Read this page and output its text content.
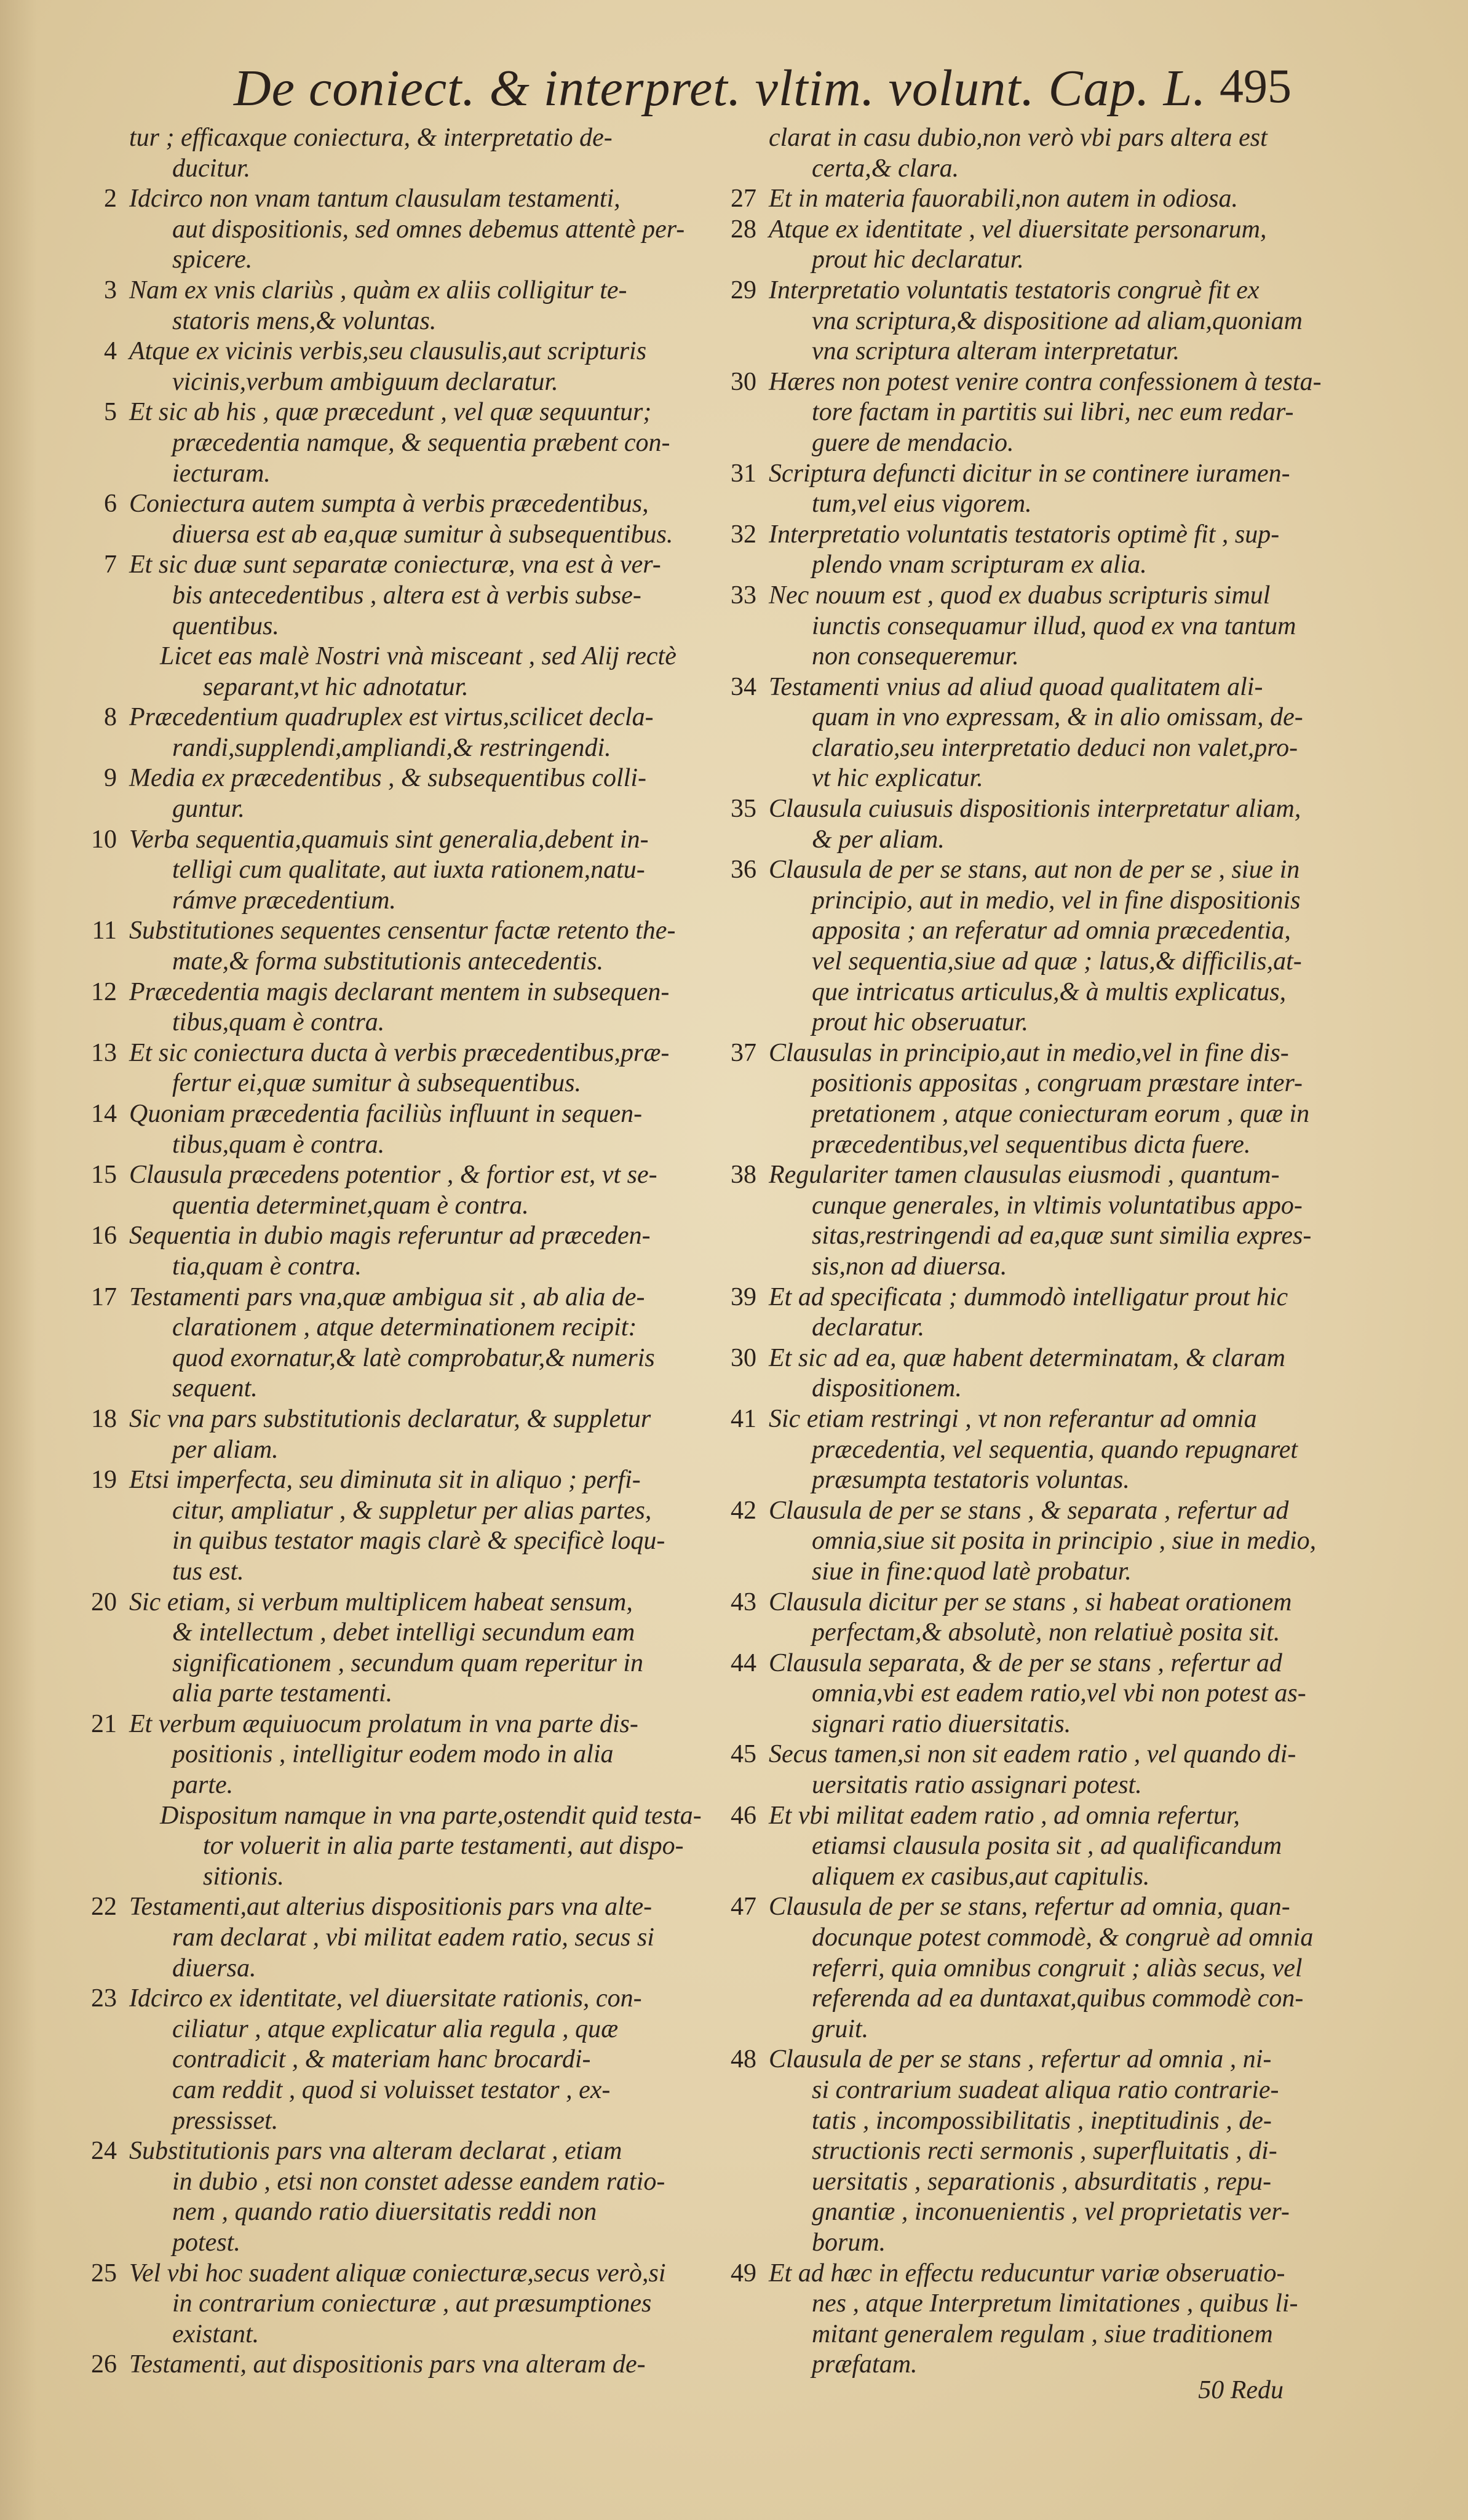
De coniect. & interpret. vltim. volunt. Cap. L. 495
tur ; efficaxque coniectura, & interpretatio de-
ducitur.
2 Idcirco non vnam tantum clausulam testamenti,
aut dispositionis, sed omnes debemus attentè per-
spicere.
3 Nam ex vnis clariùs , quàm ex aliis colligitur te-
statoris mens,& voluntas.
4 Atque ex vicinis verbis,seu clausulis,aut scripturis
vicinis,verbum ambiguum declaratur.
5 Et sic ab his , quæ præcedunt , vel quæ sequuntur;
præcedentia namque, & sequentia præbent con-
iecturam.
6 Coniectura autem sumpta à verbis præcedentibus,
diuersa est ab ea,quæ sumitur à subsequentibus.
7 Et sic duæ sunt separatæ coniecturæ, vna est à ver-
bis antecedentibus , altera est à verbis subse-
quentibus.
Licet eas malè Nostri vnà misceant , sed Alij rectè
separant,vt hic adnotatur.
8 Præcedentium quadruplex est virtus,scilicet decla-
randi,supplendi,ampliandi,& restringendi.
9 Media ex præcedentibus , & subsequentibus colli-
guntur.
10 Verba sequentia,quamuis sint generalia,debent in-
telligi cum qualitate, aut iuxta rationem,natu-
rámve præcedentium.
11 Substitutiones sequentes censentur factæ retento the-
mate,& forma substitutionis antecedentis.
12 Præcedentia magis declarant mentem in subsequen-
tibus,quam è contra.
13 Et sic coniectura ducta à verbis præcedentibus,præ-
fertur ei,quæ sumitur à subsequentibus.
14 Quoniam præcedentia faciliùs influunt in sequen-
tibus,quam è contra.
15 Clausula præcedens potentior , & fortior est, vt se-
quentia determinet,quam è contra.
16 Sequentia in dubio magis referuntur ad præceden-
tia,quam è contra.
17 Testamenti pars vna,quæ ambigua sit , ab alia de-
clarationem , atque determinationem recipit:
quod exornatur,& latè comprobatur,& numeris
sequent.
18 Sic vna pars substitutionis declaratur, & suppletur
per aliam.
19 Etsi imperfecta, seu diminuta sit in aliquo ; perfi-
citur, ampliatur , & suppletur per alias partes,
in quibus testator magis clarè & specificè loqu-
tus est.
20 Sic etiam, si verbum multiplicem habeat sensum,
& intellectum , debet intelligi secundum eam
significationem , secundum quam reperitur in
alia parte testamenti.
21 Et verbum æquiuocum prolatum in vna parte dis-
positionis , intelligitur eodem modo in alia
parte.
Dispositum namque in vna parte,ostendit quid testa-
tor voluerit in alia parte testamenti, aut dispo-
sitionis.
22 Testamenti,aut alterius dispositionis pars vna alte-
ram declarat , vbi militat eadem ratio, secus si
diuersa.
23 Idcirco ex identitate, vel diuersitate rationis, con-
ciliatur , atque explicatur alia regula , quæ
contradicit , & materiam hanc brocardi-
cam reddit , quod si voluisset testator , ex-
pressisset.
24 Substitutionis pars vna alteram declarat , etiam
in dubio , etsi non constet adesse eandem ratio-
nem , quando ratio diuersitatis reddi non
potest.
25 Vel vbi hoc suadent aliquæ coniecturæ,secus verò,si
in contrarium coniecturæ , aut præsumptiones
existant.
26 Testamenti, aut dispositionis pars vna alteram de-
clarat in casu dubio,non verò vbi pars altera est
certa,& clara.
27 Et in materia fauorabili,non autem in odiosa.
28 Atque ex identitate , vel diuersitate personarum,
prout hic declaratur.
29 Interpretatio voluntatis testatoris congruè fit ex
vna scriptura,& dispositione ad aliam,quoniam
vna scriptura alteram interpretatur.
30 Hæres non potest venire contra confessionem à testa-
tore factam in partitis sui libri, nec eum redar-
guere de mendacio.
31 Scriptura defuncti dicitur in se continere iuramen-
tum,vel eius vigorem.
32 Interpretatio voluntatis testatoris optimè fit , sup-
plendo vnam scripturam ex alia.
33 Nec nouum est , quod ex duabus scripturis simul
iunctis consequamur illud, quod ex vna tantum
non consequeremur.
34 Testamenti vnius ad aliud quoad qualitatem ali-
quam in vno expressam, & in alio omissam, de-
claratio,seu interpretatio deduci non valet,pro-
vt hic explicatur.
35 Clausula cuiusuis dispositionis interpretatur aliam,
& per aliam.
36 Clausula de per se stans, aut non de per se , siue in
principio, aut in medio, vel in fine dispositionis
apposita ; an referatur ad omnia præcedentia,
vel sequentia,siue ad quæ ; latus,& difficilis,at-
que intricatus articulus,& à multis explicatus,
prout hic obseruatur.
37 Clausulas in principio,aut in medio,vel in fine dis-
positionis appositas , congruam præstare inter-
pretationem , atque coniecturam eorum , quæ in
præcedentibus,vel sequentibus dicta fuere.
38 Regulariter tamen clausulas eiusmodi , quantum-
cunque generales, in vltimis voluntatibus appo-
sitas,restringendi ad ea,quæ sunt similia expres-
sis,non ad diuersa.
39 Et ad specificata ; dummodò intelligatur prout hic
declaratur.
30 Et sic ad ea, quæ habent determinatam, & claram
dispositionem.
41 Sic etiam restringi , vt non referantur ad omnia
præcedentia, vel sequentia, quando repugnaret
præsumpta testatoris voluntas.
42 Clausula de per se stans , & separata , refertur ad
omnia,siue sit posita in principio , siue in medio,
siue in fine:quod latè probatur.
43 Clausula dicitur per se stans , si habeat orationem
perfectam,& absolutè, non relatiuè posita sit.
44 Clausula separata, & de per se stans , refertur ad
omnia,vbi est eadem ratio,vel vbi non potest as-
signari ratio diuersitatis.
45 Secus tamen,si non sit eadem ratio , vel quando di-
uersitatis ratio assignari potest.
46 Et vbi militat eadem ratio , ad omnia refertur,
etiamsi clausula posita sit , ad qualificandum
aliquem ex casibus,aut capitulis.
47 Clausula de per se stans, refertur ad omnia, quan-
docunque potest commodè, & congruè ad omnia
referri, quia omnibus congruit ; aliàs secus, vel
referenda ad ea duntaxat,quibus commodè con-
gruit.
48 Clausula de per se stans , refertur ad omnia , ni-
si contrarium suadeat aliqua ratio contrarie-
tatis , incompossibilitatis , ineptitudinis , de-
structionis recti sermonis , superfluitatis , di-
uersitatis , separationis , absurditatis , repu-
gnantiæ , inconuenientis , vel proprietatis ver-
borum.
49 Et ad hæc in effectu reducuntur variæ obseruatio-
nes , atque Interpretum limitationes , quibus li-
mitant generalem regulam , siue traditionem
præfatam.
50 Redu
